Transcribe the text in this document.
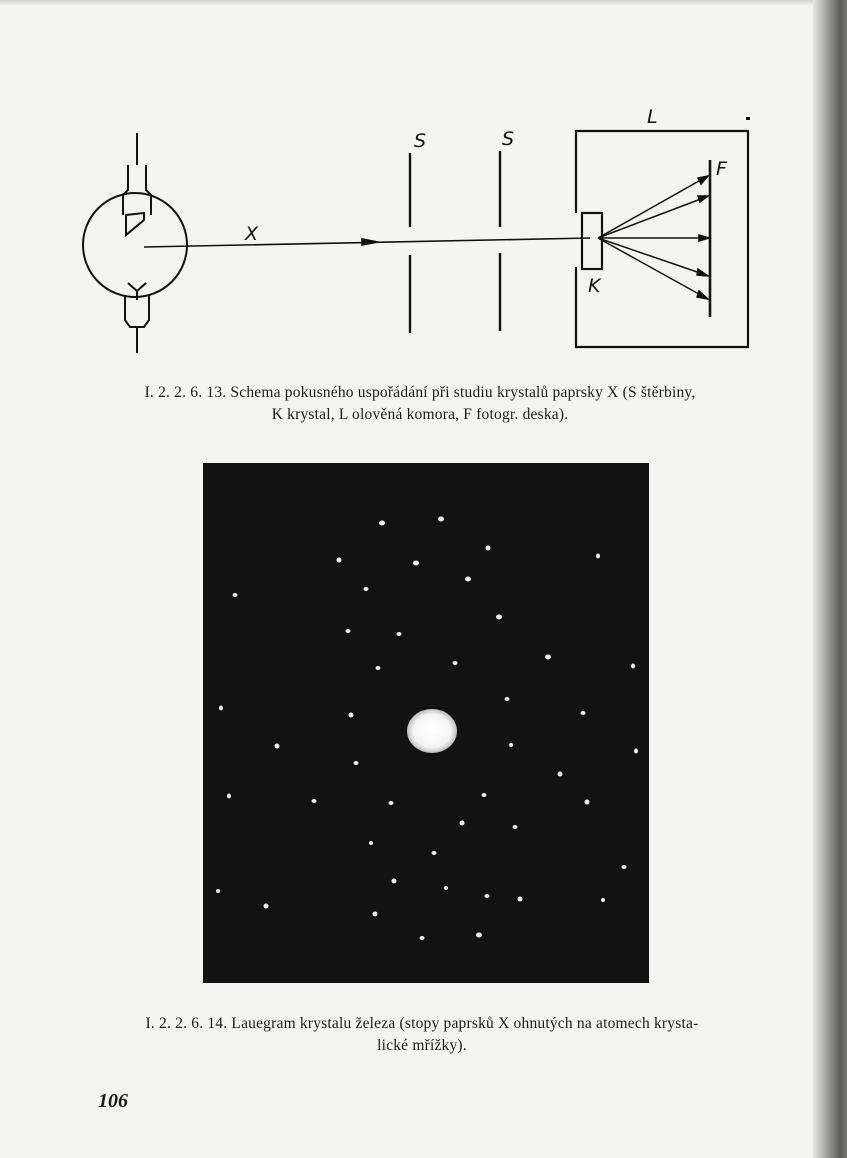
X
S	S
L
K
F
I. 2. 2. 6. 13. Schema pokusného uspořádání při studiu krystalů paprsky X (S štěrbiny,
K krystal, L olověná komora, F fotogr. deska).
I. 2. 2. 6. 14. Lauegram krystalu železa (stopy paprsků X ohnutých na atomech krysta-
lické mřížky).
106
